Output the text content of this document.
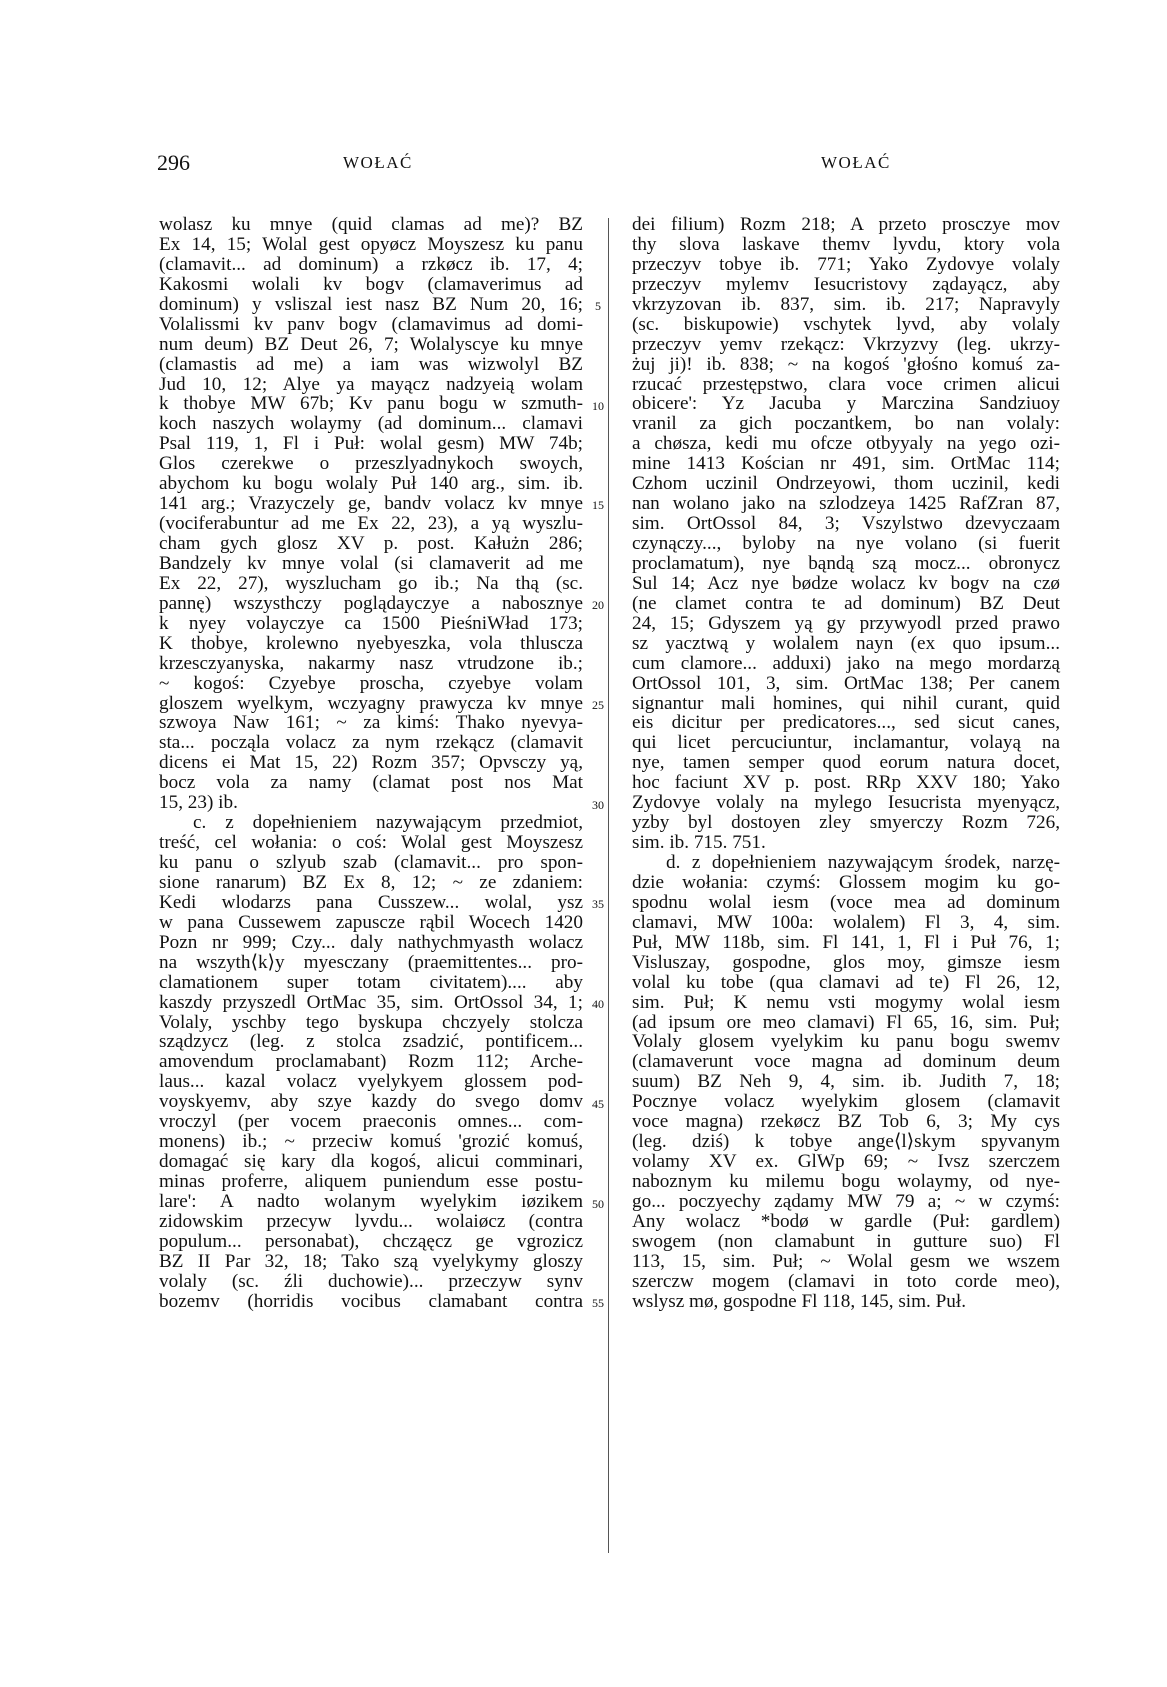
296	WOŁAĆ	WOŁAĆ
wolasz ku mnye (quid clamas ad me)? BZ
Ex 14, 15; Wolal gest opyøcz Moyszesz ku panu
(clamavit... ad dominum) a rzkøcz ib. 17, 4;
Kakosmi wolali kv bogv (clamaverimus ad
dominum) y vsliszal iest nasz BZ Num 20, 16;
Volalissmi kv panv bogv (clamavimus ad domi-
num deum) BZ Deut 26, 7; Wolalyscye ku mnye
(clamastis ad me) a iam was wizwolyl BZ
Jud 10, 12; Alye ya mayącz nadzyeią wolam
k thobye MW 67b; Kv panu bogu w szmuth-
koch naszych wolaymy (ad dominum... clamavi
Psal 119, 1, Fl i Puł: wolal gesm) MW 74b;
Glos czerekwe o przeszlyadnykoch swoych,
abychom ku bogu wolaly Puł 140 arg., sim. ib.
141 arg.; Vrazyczely ge, bandv volacz kv mnye
(vociferabuntur ad me Ex 22, 23), a yą wyszlu-
cham gych glosz XV p. post. Kałużn 286;
Bandzely kv mnye volal (si clamaverit ad me
Ex 22, 27), wyszlucham go ib.; Na thą (sc.
pannę) wszysthczy poglądayczye a nabosznye
k nyey volayczye ca 1500 PieśniWład 173;
K thobye, krolewno nyebyeszka, vola thluscza
krzesczyanyska, nakarmy nasz vtrudzone ib.;
~ kogoś: Czyebye proscha, czyebye volam
gloszem wyelkym, wczyagny prawycza kv mnye
szwoya Naw 161; ~ za kimś: Thako nyevya-
sta... począla volacz za nym rzekącz (clamavit
dicens ei Mat 15, 22) Rozm 357; Opvsczy yą,
bocz vola za namy (clamat post nos Mat
15, 23) ib.
c. z dopełnieniem nazywającym przedmiot,
treść, cel wołania: o coś: Wolal gest Moyszesz
ku panu o szlyub szab (clamavit... pro spon-
sione ranarum) BZ Ex 8, 12; ~ ze zdaniem:
Kedi wlodarzs pana Cusszew... wolal, ysz
w pana Cussewem zapuscze rąbil Wocech 1420
Pozn nr 999; Czy... daly nathychmyasth wolacz
na wszyth⟨k⟩y myesczany (praemittentes... pro-
clamationem super totam civitatem).... aby
kaszdy przyszedl OrtMac 35, sim. OrtOssol 34, 1;
Volaly, yschby tego byskupa chczyely stolcza
sządzycz (leg. z stolca zsadzić, pontificem...
amovendum proclamabant) Rozm 112; Arche-
laus... kazal volacz vyelykyem glossem pod-
voyskyemv, aby szye kazdy do svego domv
vroczyl (per vocem praeconis omnes... com-
monens) ib.; ~ przeciw komuś 'grozić komuś,
domagać się kary dla kogoś, alicui comminari,
minas proferre, aliquem puniendum esse postu-
lare': A nadto wolanym wyelykim iøzikem
zidowskim przecyw lyvdu... wolaiøcz (contra
populum... personabat), chcząęcz ge vgrozicz
BZ II Par 32, 18; Tako szą vyelykymy gloszy
volaly (sc. źli duchowie)... przeczyw synv
bozemv (horridis vocibus clamabant contra
5
10
15
20
25
30
35
40
45
50
55
dei filium) Rozm 218; A przeto prosczye mov
thy slova laskave themv lyvdu, ktory vola
przeczyv tobye ib. 771; Yako Zydovye volaly
przeczyv mylemv Iesucristovy ządayącz, aby
vkrzyzovan ib. 837, sim. ib. 217; Napravyly
(sc. biskupowie) vschytek lyvd, aby volaly
przeczyv yemv rzekącz: Vkrzyzvy (leg. ukrzy-
żuj ji)! ib. 838; ~ na kogoś 'głośno komuś za-
rzucać przestępstwo, clara voce crimen alicui
obicere': Yz Jacuba y Marczina Sandziuoy
vranil za gich poczantkem, bo nan volaly:
a chøsza, kedi mu ofcze otbyyaly na yego ozi-
mine 1413 Kościan nr 491, sim. OrtMac 114;
Czhom uczinil Ondrzeyowi, thom uczinil, kedi
nan wolano jako na szlodzeya 1425 RafZran 87,
sim. OrtOssol 84, 3; Vszylstwo dzevyczaam
czynączy..., byloby na nye volano (si fuerit
proclamatum), nye bąndą szą mocz... obronycz
Sul 14; Acz nye bødze wolacz kv bogv na czø
(ne clamet contra te ad dominum) BZ Deut
24, 15; Gdyszem yą gy przywyodl przed prawo
sz yacztwą y wolalem nayn (ex quo ipsum...
cum clamore... adduxi) jako na mego mordarzą
OrtOssol 101, 3, sim. OrtMac 138; Per canem
signantur mali homines, qui nihil curant, quid
eis dicitur per predicatores..., sed sicut canes,
qui licet percuciuntur, inclamantur, volayą na
nye, tamen semper quod eorum natura docet,
hoc faciunt XV p. post. RRp XXV 180; Yako
Zydovye volaly na mylego Iesucrista myenyącz,
yzby byl dostoyen zley smyerczy Rozm 726,
sim. ib. 715. 751.
d. z dopełnieniem nazywającym środek, narzę-
dzie wołania: czymś: Glossem mogim ku go-
spodnu wolal iesm (voce mea ad dominum
clamavi, MW 100a: wolalem) Fl 3, 4, sim.
Puł, MW 118b, sim. Fl 141, 1, Fl i Puł 76, 1;
Visluszay, gospodne, glos moy, gimsze iesm
volal ku tobe (qua clamavi ad te) Fl 26, 12,
sim. Puł; K nemu vsti mogymy wolal iesm
(ad ipsum ore meo clamavi) Fl 65, 16, sim. Puł;
Volaly glosem vyelykim ku panu bogu swemv
(clamaverunt voce magna ad dominum deum
suum) BZ Neh 9, 4, sim. ib. Judith 7, 18;
Pocznye volacz wyelykim glosem (clamavit
voce magna) rzekøcz BZ Tob 6, 3; My cys
(leg. dziś) k tobye ange⟨l⟩skym spyvanym
volamy XV ex. GlWp 69; ~ Ivsz szerczem
naboznym ku milemu bogu wolaymy, od nye-
go... poczyechy ządamy MW 79 a; ~ w czymś:
Any wolacz *bodø w gardle (Puł: gardlem)
swogem (non clamabunt in gutture suo) Fl
113, 15, sim. Puł; ~ Wolal gesm we wszem
szerczw mogem (clamavi in toto corde meo),
wslysz mø, gospodne Fl 118, 145, sim. Puł.
